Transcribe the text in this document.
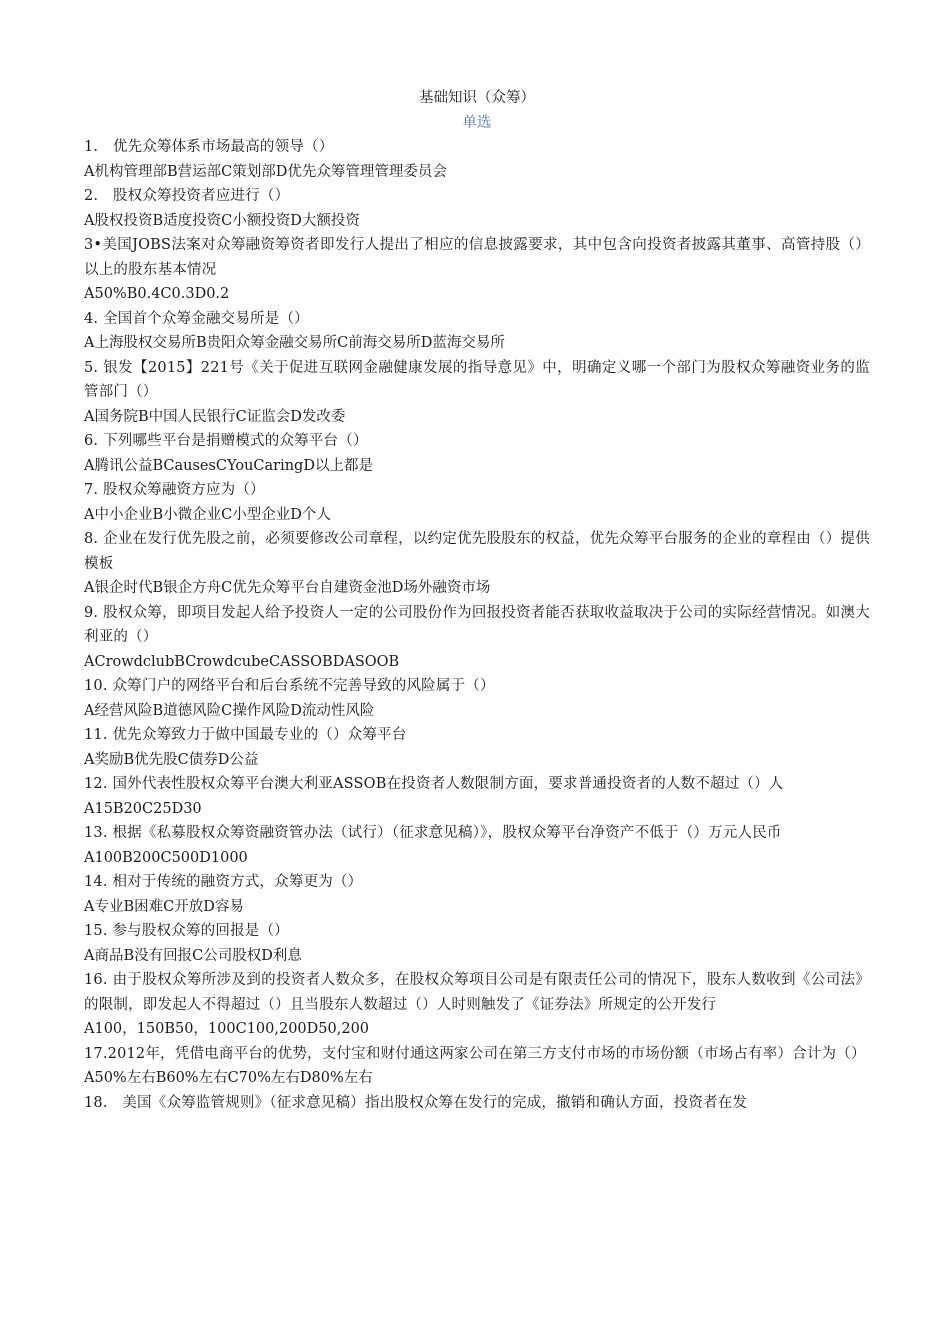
基础知识（众筹）

单选

1.　优先众筹体系市场最高的领导（）

A机构管理部B营运部C策划部D优先众筹管理管理委员会

2.　股权众筹投资者应进行（）

A股权投资B适度投资C小额投资D大额投资

3•美国JOBS法案对众筹融资筹资者即发行人提出了相应的信息披露要求，其中包含向投资者披露其董事、高管持股（）以上的股东基本情况

A50%B0.4C0.3D0.2

4. 全国首个众筹金融交易所是（）

A上海股权交易所B贵阳众筹金融交易所C前海交易所D蓝海交易所

5. 银发【2015】221号《关于促进互联网金融健康发展的指导意见》中，明确定义哪一个部门为股权众筹融资业务的监管部门（）

A国务院B中国人民银行C证监会D发改委

6. 下列哪些平台是捐赠模式的众筹平台（）

A腾讯公益BCausesCYouCaringD以上都是

7. 股权众筹融资方应为（）

A中小企业B小微企业C小型企业D个人

8. 企业在发行优先股之前，必须要修改公司章程，以约定优先股股东的权益，优先众筹平台服务的企业的章程由（）提供模板

A银企时代B银企方舟C优先众筹平台自建资金池D场外融资市场

9. 股权众筹，即项目发起人给予投资人一定的公司股份作为回报投资者能否获取收益取决于公司的实际经营情况。如澳大利亚的（）

ACrowdclubBCrowdcubeCASSOBDASOOB

10. 众筹门户的网络平台和后台系统不完善导致的风险属于（）

A经营风险B道德风险C操作风险D流动性风险

11. 优先众筹致力于做中国最专业的（）众筹平台

A奖励B优先股C债券D公益

12. 国外代表性股权众筹平台澳大利亚ASSOB在投资者人数限制方面，要求普通投资者的人数不超过（）人

A15B20C25D30

13. 根据《私募股权众筹资融资管办法（试行）（征求意见稿）》，股权众筹平台净资产不低于（）万元人民币

A100B200C500D1000

14. 相对于传统的融资方式，众筹更为（）

A专业B困难C开放D容易

15. 参与股权众筹的回报是（）

A商品B没有回报C公司股权D利息

16. 由于股权众筹所涉及到的投资者人数众多，在股权众筹项目公司是有限责任公司的情况下，股东人数收到《公司法》的限制，即发起人不得超过（）且当股东人数超过（）人时则触发了《证券法》所规定的公开发行

A100，150B50，100C100,200D50,200

17.2012年，凭借电商平台的优势，支付宝和财付通这两家公司在第三方支付市场的市场份额（市场占有率）合计为（）

A50%左右B60%左右C70%左右D80%左右

18.　美国《众筹监管规则》（征求意见稿）指出股权众筹在发行的完成，撤销和确认方面，投资者在发
